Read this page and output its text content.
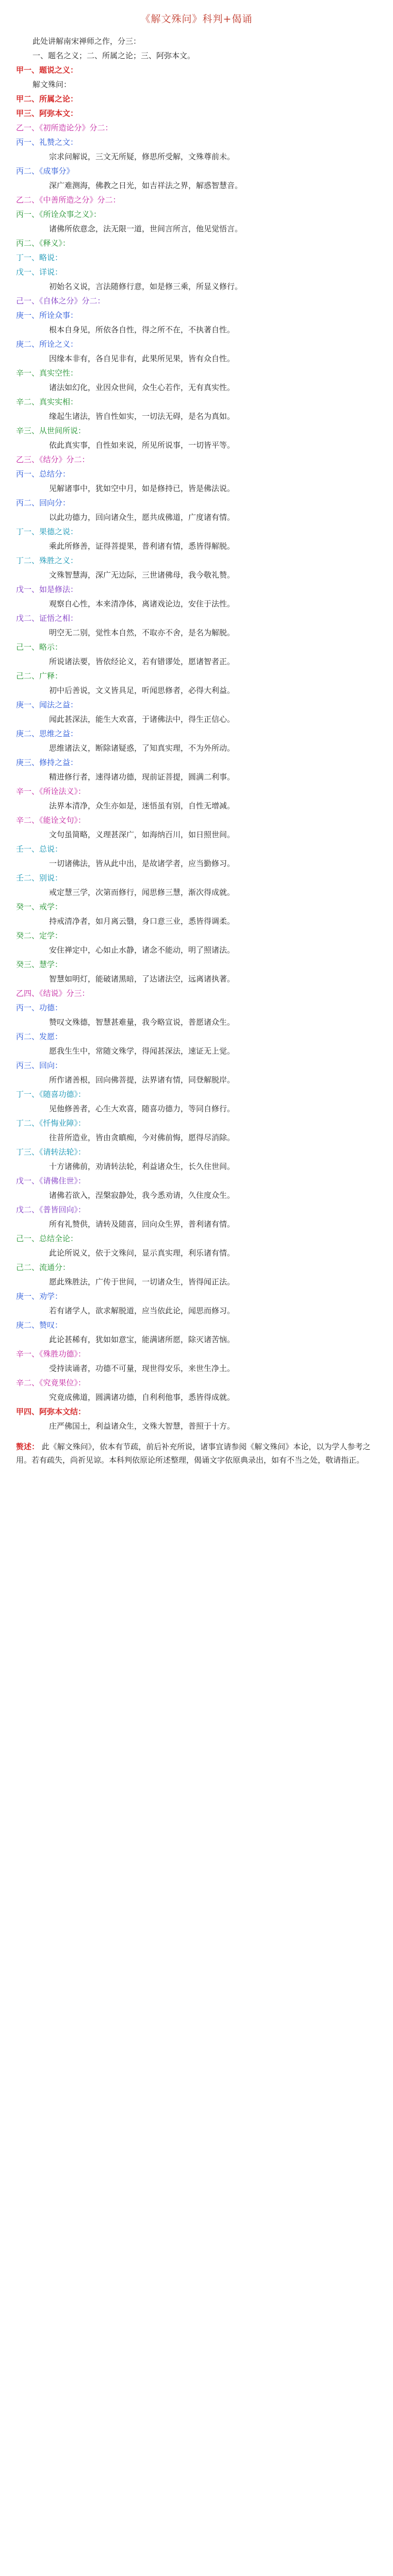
《解文殊问》科判+偈诵
此处讲解南宋禅师之作，分三：
一、题名之义；二、所属之论；三、阿弥本文。
甲一、题说之义：
解文殊问：
甲二、所属之论：
甲三、阿弥本文：
乙一、《初所造论分》分二：
丙一、礼赞之文：
宗求问解说，三文无所疑，修思所受解，文殊尊前未。
丙二、《成事分》
深广难测海，佛教之日光，如吉祥法之界，解惑智慧音。
乙二、《中善所造之分》分二：
丙一、《所诠众事之义》：
诸佛所依意念，法无限一道，世间言所言，他见觉悟言。
丙二、《释义》：
丁一、略说：
戊一、详说：
初始名义说，言法随修行意，如是修三乘，所显义修行。
己一、《自体之分》分二：
庚一、所诠众事：
根本自身见，所依各自性，得之所不在，不执著自性。
庚二、所诠之义：
因缘本非有，各自见非有，此果所见果，皆有众自性。
辛一、真实空性：
诸法如幻化，业因众世间，众生心若作，无有真实性。
辛二、真实实相：
缘起生诸法，皆自性如实，一切法无碍，是名为真如。
辛三、从世间所说：
依此真实事，自性如来说，所见所说事，一切皆平等。
乙三、《结分》分二：
丙一、总结分：
见解诸事中，犹如空中月，如是修持已，皆是佛法说。
丙二、回向分：
以此功德力，回向诸众生，愿共成佛道，广度诸有情。
丁一、果德之说：
乘此所修善，证得菩提果，普利诸有情，悉皆得解脱。
丁二、殊胜之义：
文殊智慧海，深广无边际，三世诸佛母，我今敬礼赞。
戊一、如是修法：
观察自心性，本来清净体，离诸戏论边，安住于法性。
戊二、证悟之相：
明空无二别，觉性本自然，不取亦不舍，是名为解脱。
己一、略示：
所说诸法要，皆依经论义，若有错谬处，愿诸智者正。
己二、广释：
初中后善说，文义皆具足，听闻思修者，必得大利益。
庚一、闻法之益：
闻此甚深法，能生大欢喜，于诸佛法中，得生正信心。
庚二、思维之益：
思维诸法义，断除诸疑惑，了知真实理，不为外所动。
庚三、修持之益：
精进修行者，速得诸功德，现前证菩提，圆满二利事。
辛一、《所诠法义》：
法界本清净，众生亦如是，迷悟虽有别，自性无增减。
辛二、《能诠文句》：
文句虽简略，义理甚深广，如海纳百川，如日照世间。
壬一、总说：
一切诸佛法，皆从此中出，是故诸学者，应当勤修习。
壬二、别说：
戒定慧三学，次第而修行，闻思修三慧，渐次得成就。
癸一、戒学：
持戒清净者，如月离云翳，身口意三业，悉皆得调柔。
癸二、定学：
安住禅定中，心如止水静，诸念不能动，明了照诸法。
癸三、慧学：
智慧如明灯，能破诸黑暗，了达诸法空，远离诸执著。
乙四、《结说》分三：
丙一、功德：
赞叹文殊德，智慧甚难量，我今略宣说，普愿诸众生。
丙二、发愿：
愿我生生中，常随文殊学，得闻甚深法，速证无上觉。
丙三、回向：
所作诸善根，回向佛菩提，法界诸有情，同登解脱岸。
丁一、《随喜功德》：
见他修善者，心生大欢喜，随喜功德力，等同自修行。
丁二、《忏悔业障》：
往昔所造业，皆由贪瞋痴，今对佛前悔，愿得尽消除。
丁三、《请转法轮》：
十方诸佛前，劝请转法轮，利益诸众生，长久住世间。
戊一、《请佛住世》：
诸佛若欲入，涅槃寂静处，我今悉劝请，久住度众生。
戊二、《普皆回向》：
所有礼赞供，请转及随喜，回向众生界，普利诸有情。
己一、总结全论：
此论所说义，依于文殊问，显示真实理，利乐诸有情。
己二、流通分：
愿此殊胜法，广传于世间，一切诸众生，皆得闻正法。
庚一、劝学：
若有诸学人，欲求解脱道，应当依此论，闻思而修习。
庚二、赞叹：
此论甚稀有，犹如如意宝，能满诸所愿，除灭诸苦恼。
辛一、《殊胜功德》：
受持读诵者，功德不可量，现世得安乐，来世生净土。
辛二、《究竟果位》：
究竟成佛道，圆满诸功德，自利利他事，悉皆得成就。
甲四、阿弥本文结：
庄严佛国土，利益诸众生，文殊大智慧，普照于十方。
赘述： 此《解文殊问》，依本有节疏，前后补充所说，诸事宜请参阅《解文殊问》本论，以为学人参考之用。若有疏失，尚祈见谅。本科判依原论所述整理，偈诵文字依原典录出，如有不当之处，敬请指正。
